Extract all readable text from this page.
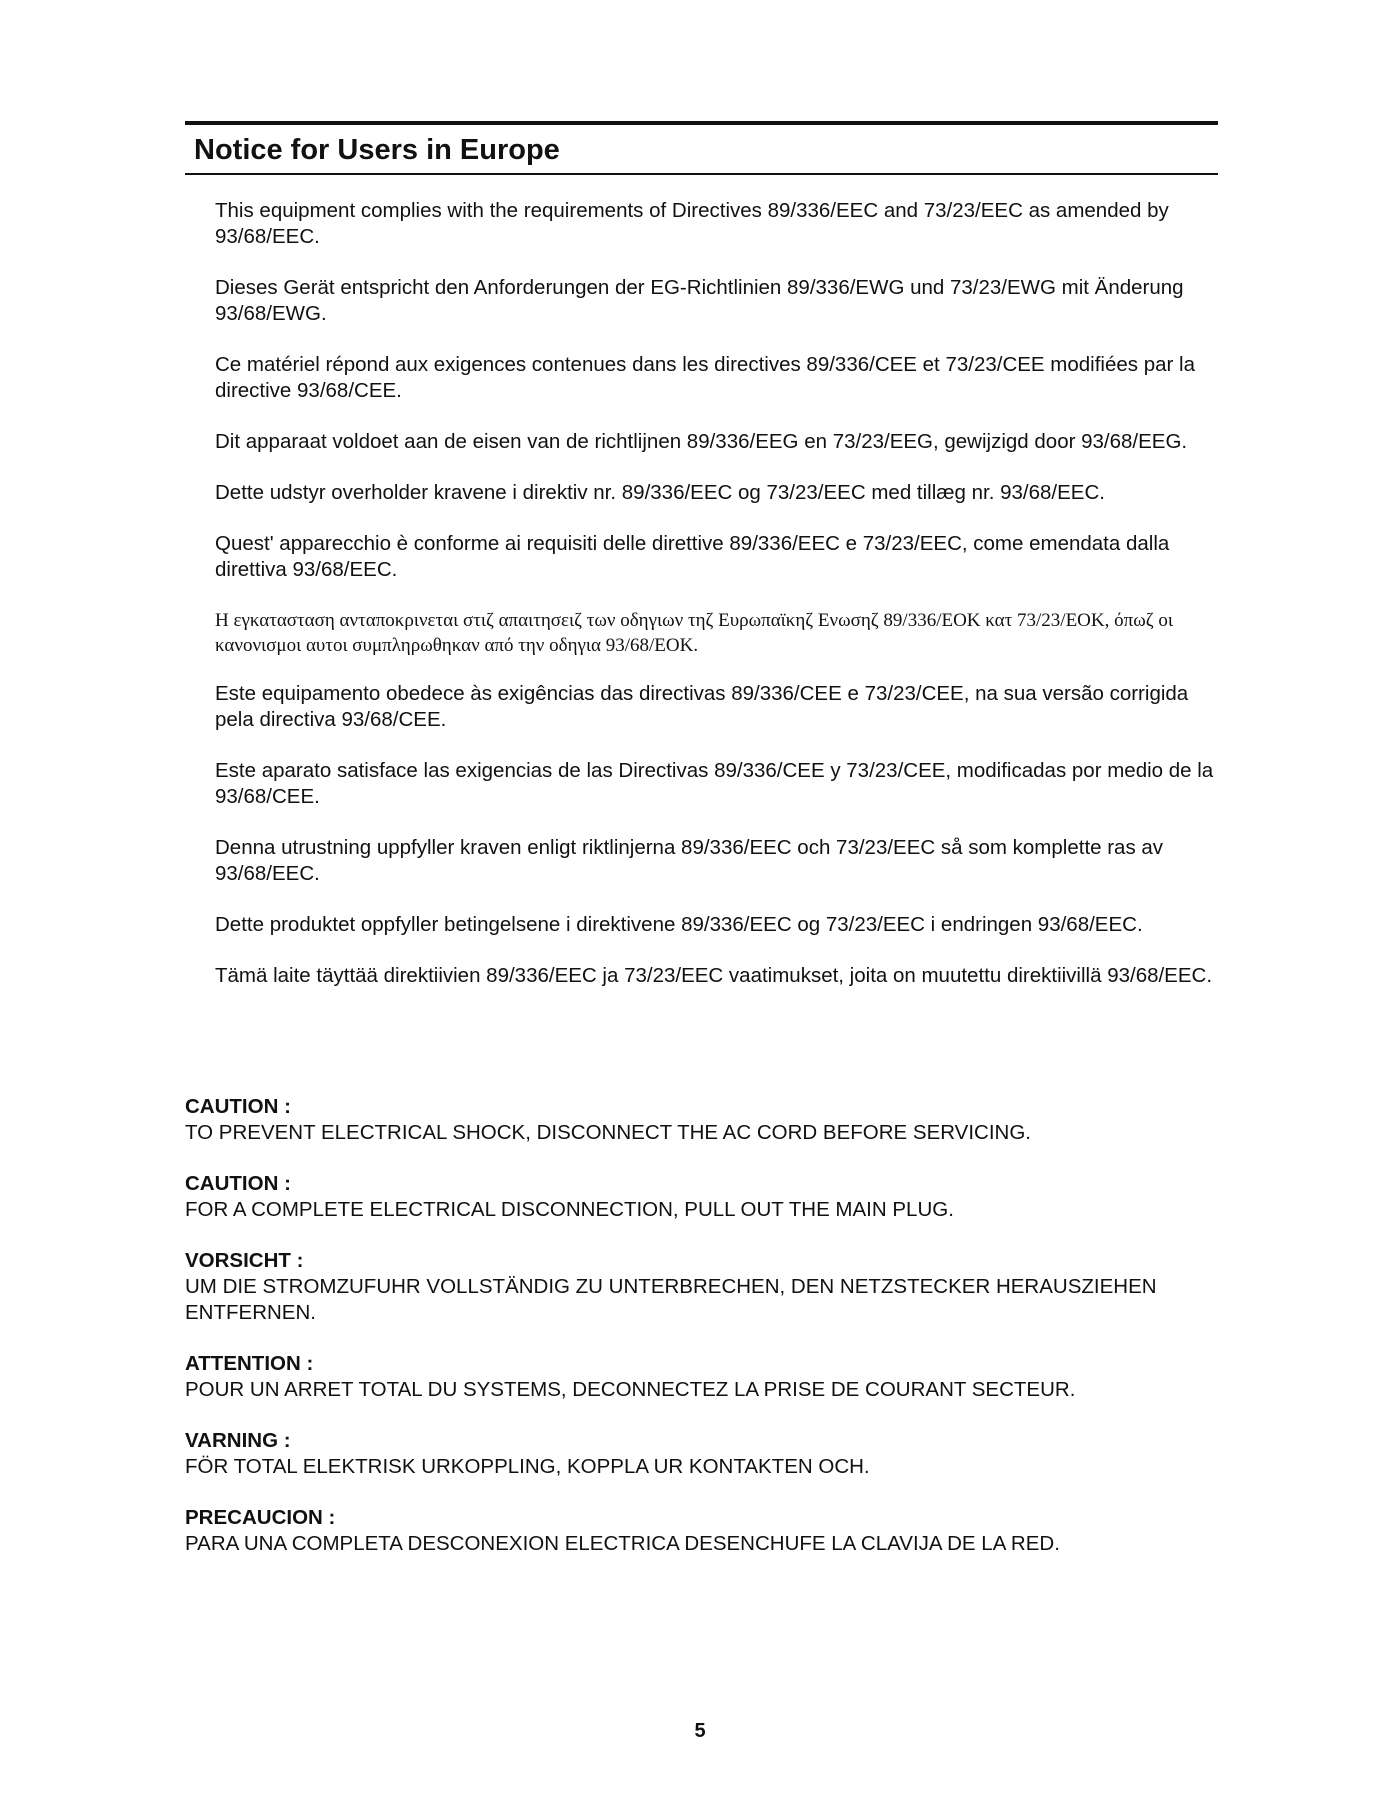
Notice for Users in Europe

This equipment complies with the requirements of Directives 89/336/EEC and 73/23/EEC as amended by 93/68/EEC.

Dieses Gerät entspricht den Anforderungen der EG-Richtlinien 89/336/EWG und 73/23/EWG mit Änderung 93/68/EWG.

Ce matériel répond aux exigences contenues dans les directives 89/336/CEE et 73/23/CEE modifiées par la directive 93/68/CEE.

Dit apparaat voldoet aan de eisen van de richtlijnen 89/336/EEG en 73/23/EEG, gewijzigd door 93/68/EEG.

Dette udstyr overholder kravene i direktiv nr. 89/336/EEC og 73/23/EEC med tillæg nr. 93/68/EEC.

Quest' apparecchio è conforme ai requisiti delle direttive 89/336/EEC e 73/23/EEC, come emendata dalla direttiva 93/68/EEC.

Η εγκατασταση ανταποκρινεται στιζ απαιτησειζ των οδηγιων τηζ Ευρωπαϊκηζ Ενωσηζ 89/336/ΕΟΚ κατ 73/23/ΕΟΚ, όπωζ οι κανονισμοι αυτοι συμπληρωθηκαν από την οδηγια 93/68/ΕΟΚ.

Este equipamento obedece às exigências das directivas 89/336/CEE e 73/23/CEE, na sua versão corrigida pela directiva 93/68/CEE.

Este aparato satisface las exigencias de las Directivas 89/336/CEE y 73/23/CEE, modificadas por medio de la 93/68/CEE.

Denna utrustning uppfyller kraven enligt riktlinjerna 89/336/EEC och 73/23/EEC så som komplette ras av 93/68/EEC.

Dette produktet oppfyller betingelsene i direktivene 89/336/EEC og 73/23/EEC i endringen 93/68/EEC.

Tämä laite täyttää direktiivien 89/336/EEC ja 73/23/EEC vaatimukset, joita on muutettu direktiivillä 93/68/EEC.

CAUTION :
TO PREVENT ELECTRICAL SHOCK, DISCONNECT THE AC CORD BEFORE SERVICING.
CAUTION :
FOR A COMPLETE ELECTRICAL DISCONNECTION, PULL OUT THE MAIN PLUG.
VORSICHT :
UM DIE STROMZUFUHR VOLLSTÄNDIG ZU UNTERBRECHEN, DEN NETZSTECKER HERAUSZIEHEN ENTFERNEN.
ATTENTION :
POUR UN ARRET TOTAL DU SYSTEMS, DECONNECTEZ LA PRISE DE COURANT SECTEUR.
VARNING :
FÖR TOTAL ELEKTRISK URKOPPLING, KOPPLA UR KONTAKTEN OCH.
PRECAUCION :
PARA UNA COMPLETA DESCONEXION ELECTRICA DESENCHUFE LA CLAVIJA DE LA RED.
5
